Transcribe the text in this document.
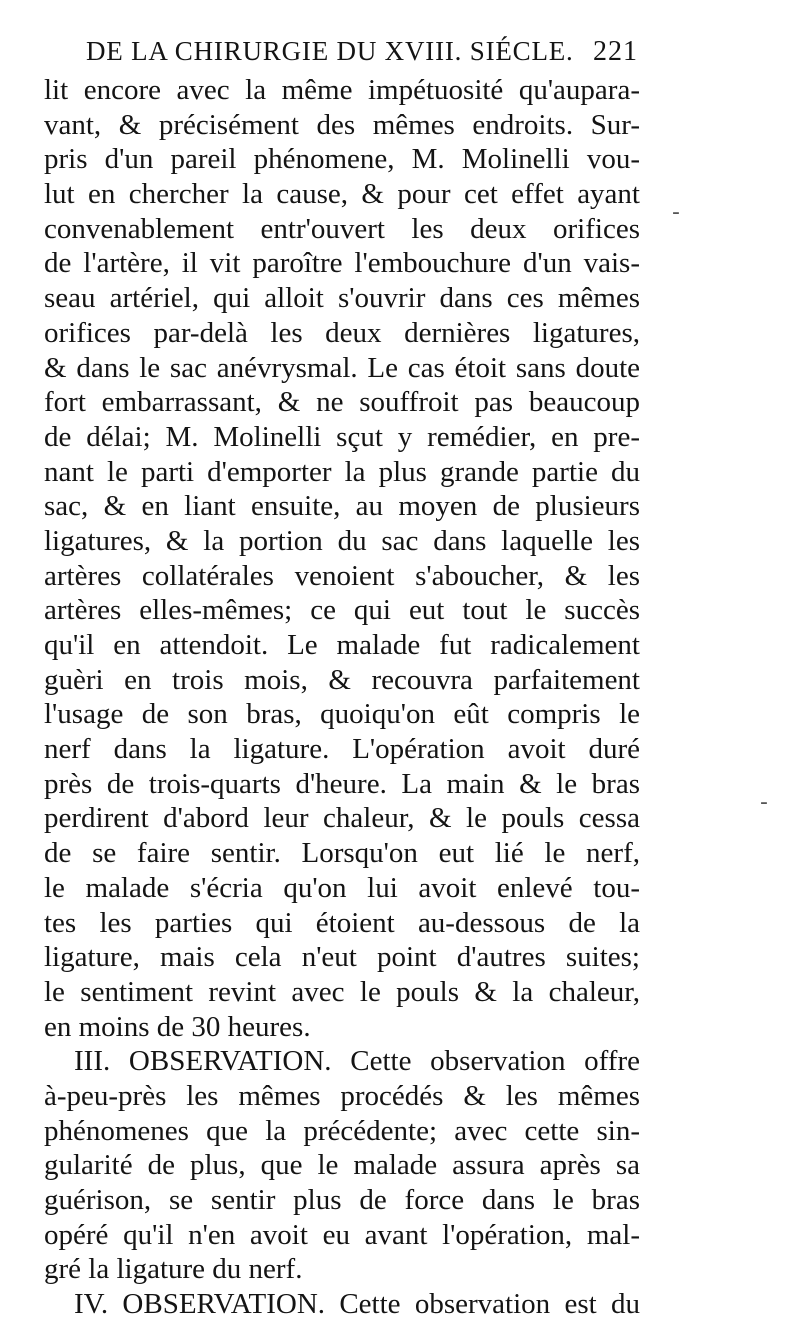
DE LA CHIRURGIE DU XVIII. SIÉCLE. 221
lit encore avec la même impétuosité qu'aupara-
vant, & précisément des mêmes endroits. Sur-
pris d'un pareil phénomene, M. Molinelli vou-
lut en chercher la cause, & pour cet effet ayant
convenablement entr'ouvert les deux orifices
de l'artère, il vit paroître l'embouchure d'un vais-
seau artériel, qui alloit s'ouvrir dans ces mêmes
orifices par-delà les deux dernières ligatures,
& dans le sac anévrysmal. Le cas étoit sans doute
fort embarrassant, & ne souffroit pas beaucoup
de délai; M. Molinelli sçut y remédier, en pre-
nant le parti d'emporter la plus grande partie du
sac, & en liant ensuite, au moyen de plusieurs
ligatures, & la portion du sac dans laquelle les
artères collatérales venoient s'aboucher, & les
artères elles-mêmes; ce qui eut tout le succès
qu'il en attendoit. Le malade fut radicalement
guèri en trois mois, & recouvra parfaitement
l'usage de son bras, quoiqu'on eût compris le
nerf dans la ligature. L'opération avoit duré
près de trois-quarts d'heure. La main & le bras
perdirent d'abord leur chaleur, & le pouls cessa
de se faire sentir. Lorsqu'on eut lié le nerf,
le malade s'écria qu'on lui avoit enlevé tou-
tes les parties qui étoient au-dessous de la
ligature, mais cela n'eut point d'autres suites;
le sentiment revint avec le pouls & la chaleur,
en moins de 30 heures.
III. OBSERVATION. Cette observation offre
à-peu-près les mêmes procédés & les mêmes
phénomenes que la précédente; avec cette sin-
gularité de plus, que le malade assura après sa
guérison, se sentir plus de force dans le bras
opéré qu'il n'en avoit eu avant l'opération, mal-
gré la ligature du nerf.
IV. OBSERVATION. Cette observation est du
-
-
